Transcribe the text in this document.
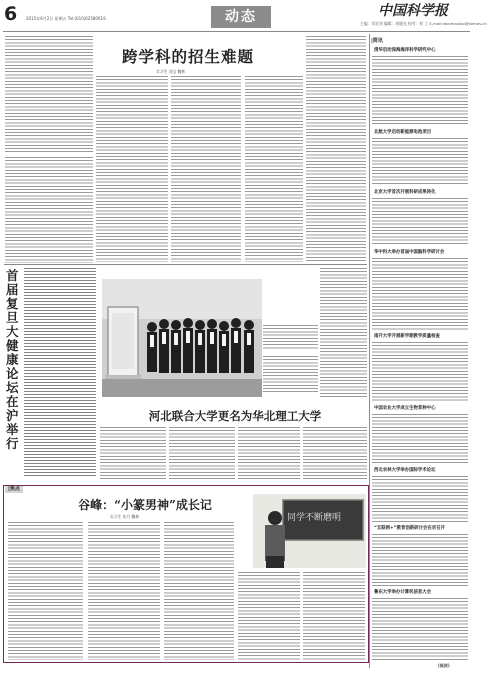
6 2015年6月2日 星期五 Tel:(010)62580619	动态	中国科学报
主编：刘宏鸿 编辑：胡晓光 校对：何 工 E-mail:lduomaxiao@stimes.cn
跨学科的招生难题
实习生 刘宝 魏林
首届复旦大健康论坛在沪举行
河北联合大学更名为华北理工大学
|焦点
谷峰：“小篆男神”成长记
实习生 张月 魏林	同学不断磨明
|简讯
清华启动深海海洋科学研究中心
北航大学启动新能源电池项目
北京大学首次开展科研成果转化
华中科大举办首届中国脑科学研讨会
南开大学开展新学期教学质量检查
中国农业大学成立生物育种中心
西北农林大学举办国际学术论坛
“互联网+”教育创新研讨会在京召开
鲁东大学举办计算机信息大会
(陈波)
